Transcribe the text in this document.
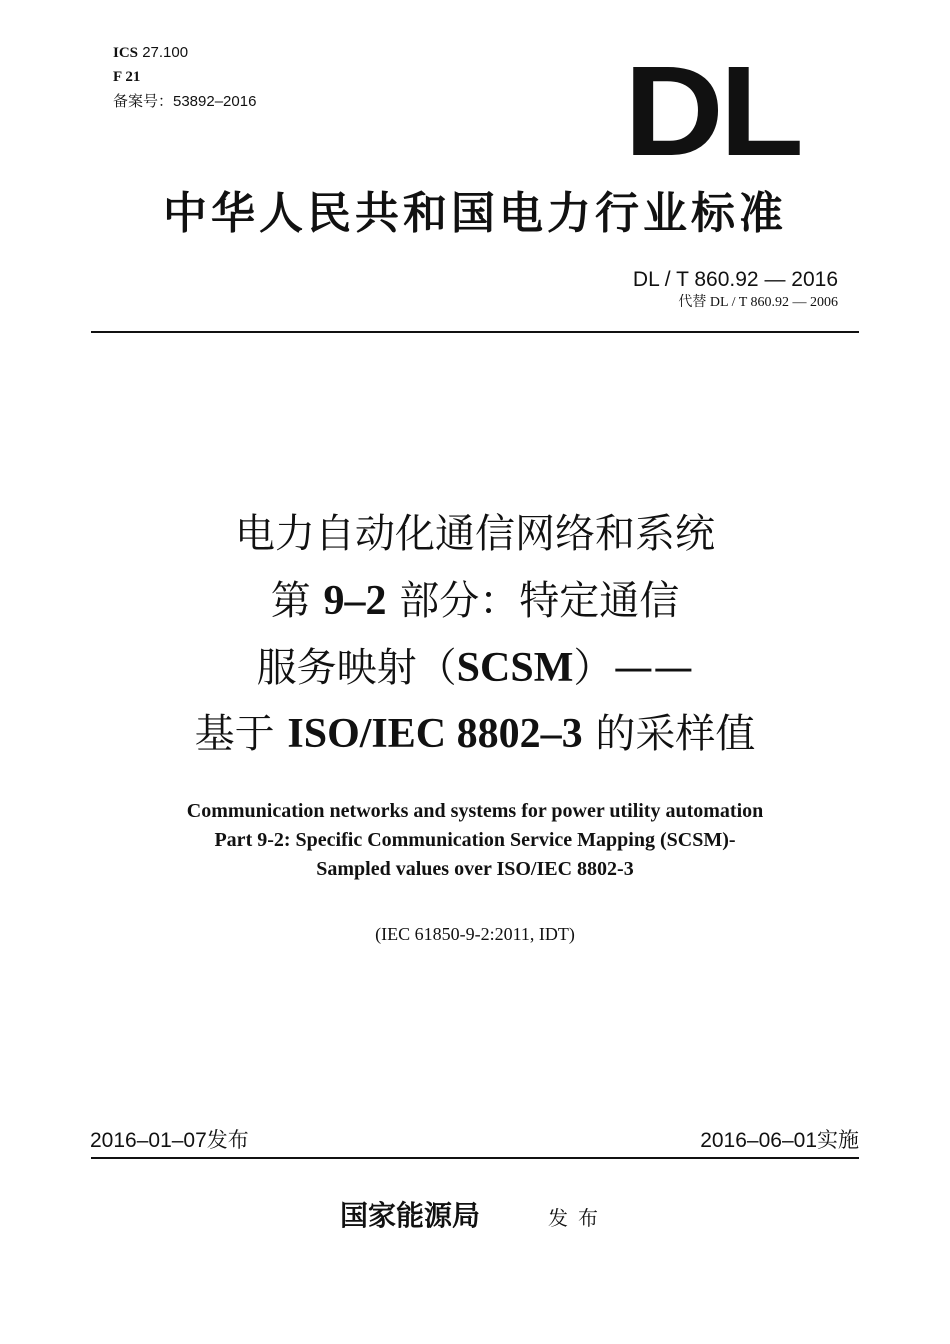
ICS 27.100
F 21
备案号：53892–2016	DL
中华人民共和国电力行业标准
DL / T 860.92 — 2016
代替 DL / T 860.92 — 2006
电力自动化通信网络和系统
第 9–2 部分：特定通信
服务映射（SCSM）——
基于 ISO/IEC 8802–3 的采样值
Communication networks and systems for power utility automation
Part 9-2: Specific Communication Service Mapping (SCSM)-
Sampled values over ISO/IEC 8802-3
(IEC 61850-9-2:2011, IDT)
2016–01–07发布	2016–06–01实施
国家能源局	发布
